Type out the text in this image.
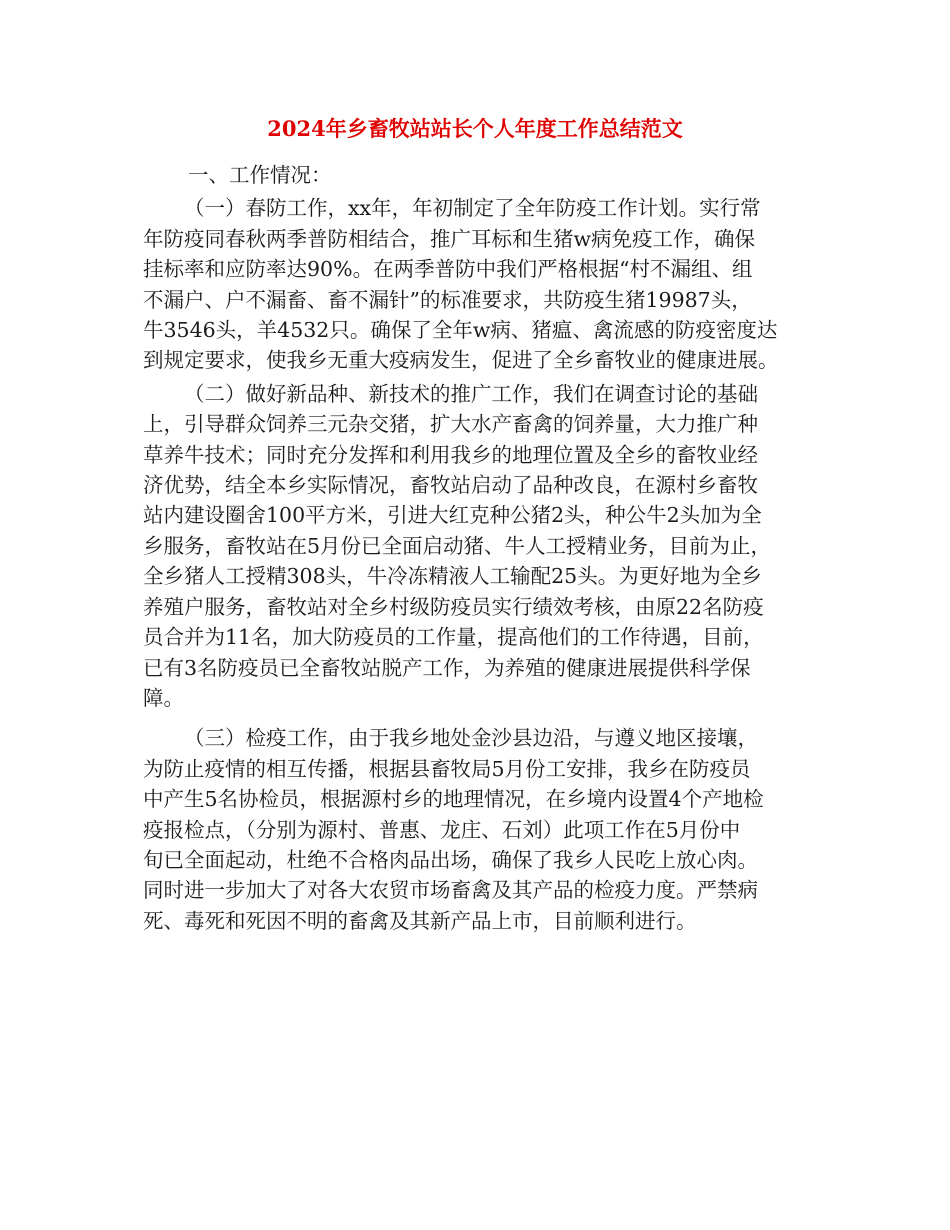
2024年乡畜牧站站长个人年度工作总结范文
一、工作情况：
（一）春防工作，xx年，年初制定了全年防疫工作计划。实行常
年防疫同春秋两季普防相结合，推广耳标和生猪w病免疫工作，确保
挂标率和应防率达90%。在两季普防中我们严格根据“村不漏组、组
不漏户、户不漏畜、畜不漏针”的标准要求，共防疫生猪19987头，
牛3546头，羊4532只。确保了全年w病、猪瘟、禽流感的防疫密度达
到规定要求，使我乡无重大疫病发生，促进了全乡畜牧业的健康进展。
（二）做好新品种、新技术的推广工作，我们在调查讨论的基础
上，引导群众饲养三元杂交猪，扩大水产畜禽的饲养量，大力推广种
草养牛技术；同时充分发挥和利用我乡的地理位置及全乡的畜牧业经
济优势，结全本乡实际情况，畜牧站启动了品种改良，在源村乡畜牧
站内建设圈舍100平方米，引进大红克种公猪2头，种公牛2头加为全
乡服务，畜牧站在5月份已全面启动猪、牛人工授精业务，目前为止，
全乡猪人工授精308头，牛冷冻精液人工输配25头。为更好地为全乡
养殖户服务，畜牧站对全乡村级防疫员实行绩效考核，由原22名防疫
员合并为11名，加大防疫员的工作量，提高他们的工作待遇，目前，
已有3名防疫员已全畜牧站脱产工作，为养殖的健康进展提供科学保
障。
（三）检疫工作，由于我乡地处金沙县边沿，与遵义地区接壤，
为防止疫情的相互传播，根据县畜牧局5月份工安排，我乡在防疫员
中产生5名协检员，根据源村乡的地理情况，在乡境内设置4个产地检
疫报检点，（分别为源村、普惠、龙庄、石刘）此项工作在5月份中
旬已全面起动，杜绝不合格肉品出场，确保了我乡人民吃上放心肉。
同时进一步加大了对各大农贸市场畜禽及其产品的检疫力度。严禁病
死、毒死和死因不明的畜禽及其新产品上市，目前顺利进行。
